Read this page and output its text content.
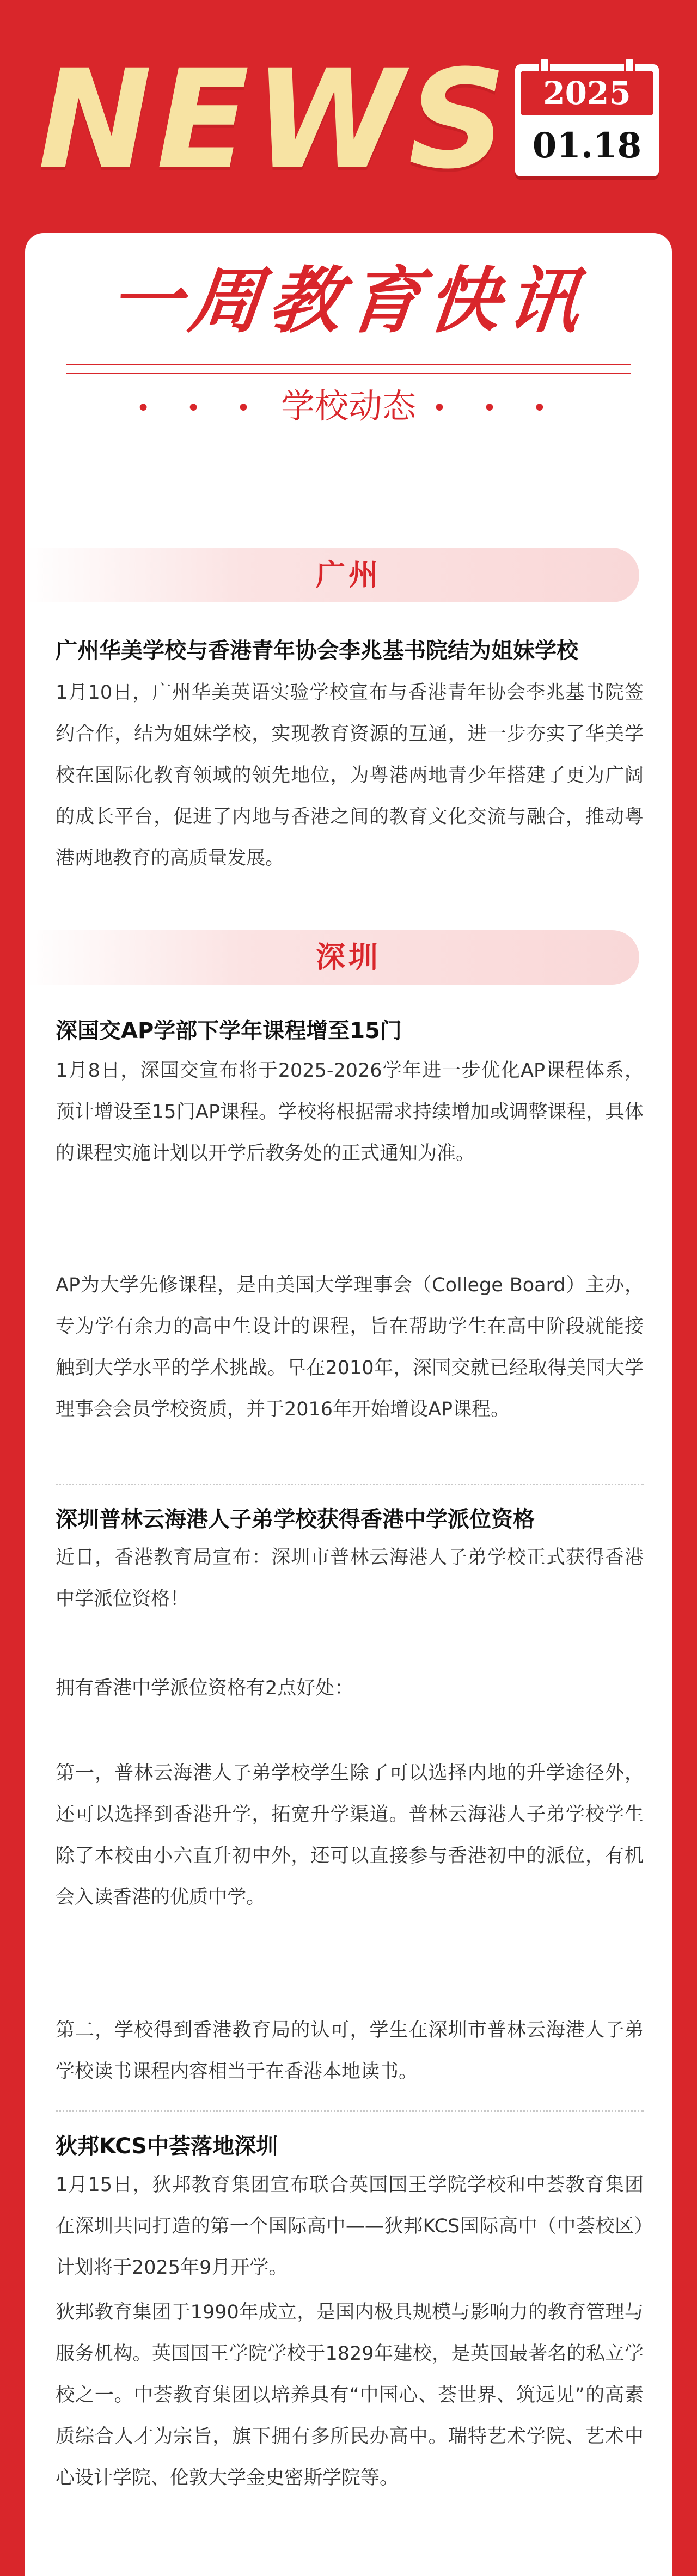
NEWS	2025
01.18
一周教育快讯
• • • 学校动态 • • •
广州
广州华美学校与香港青年协会李兆基书院结为姐妹学校

1月10日，广州华美英语实验学校宣布与香港青年协会李兆基书院签约合作，结为姐妹学校，实现教育资源的互通，进一步夯实了华美学校在国际化教育领域的领先地位，为粤港两地青少年搭建了更为广阔的成长平台，促进了内地与香港之间的教育文化交流与融合，推动粤港两地教育的高质量发展。

深圳
深国交AP学部下学年课程增至15门

1月8日，深国交宣布将于2025-2026学年进一步优化AP课程体系，预计增设至15门AP课程。学校将根据需求持续增加或调整课程，具体的课程实施计划以开学后教务处的正式通知为准。

AP为大学先修课程，是由美国大学理事会（College Board）主办，专为学有余力的高中生设计的课程，旨在帮助学生在高中阶段就能接触到大学水平的学术挑战。早在2010年，深国交就已经取得美国大学理事会会员学校资质，并于2016年开始增设AP课程。

深圳普林云海港人子弟学校获得香港中学派位资格

近日，香港教育局宣布：深圳市普林云海港人子弟学校正式获得香港中学派位资格！

拥有香港中学派位资格有2点好处：

第一，普林云海港人子弟学校学生除了可以选择内地的升学途径外，还可以选择到香港升学，拓宽升学渠道。普林云海港人子弟学校学生除了本校由小六直升初中外，还可以直接参与香港初中的派位，有机会入读香港的优质中学。

第二，学校得到香港教育局的认可，学生在深圳市普林云海港人子弟学校读书课程内容相当于在香港本地读书。

狄邦KCS中荟落地深圳

1月15日，狄邦教育集团宣布联合英国国王学院学校和中荟教育集团在深圳共同打造的第一个国际高中——狄邦KCS国际高中（中荟校区）计划将于2025年9月开学。

狄邦教育集团于1990年成立，是国内极具规模与影响力的教育管理与服务机构。英国国王学院学校于1829年建校，是英国最著名的私立学校之一。中荟教育集团以培养具有“中国心、荟世界、筑远见”的高素质综合人才为宗旨，旗下拥有多所民办高中。瑞特艺术学院、艺术中心设计学院、伦敦大学金史密斯学院等。
